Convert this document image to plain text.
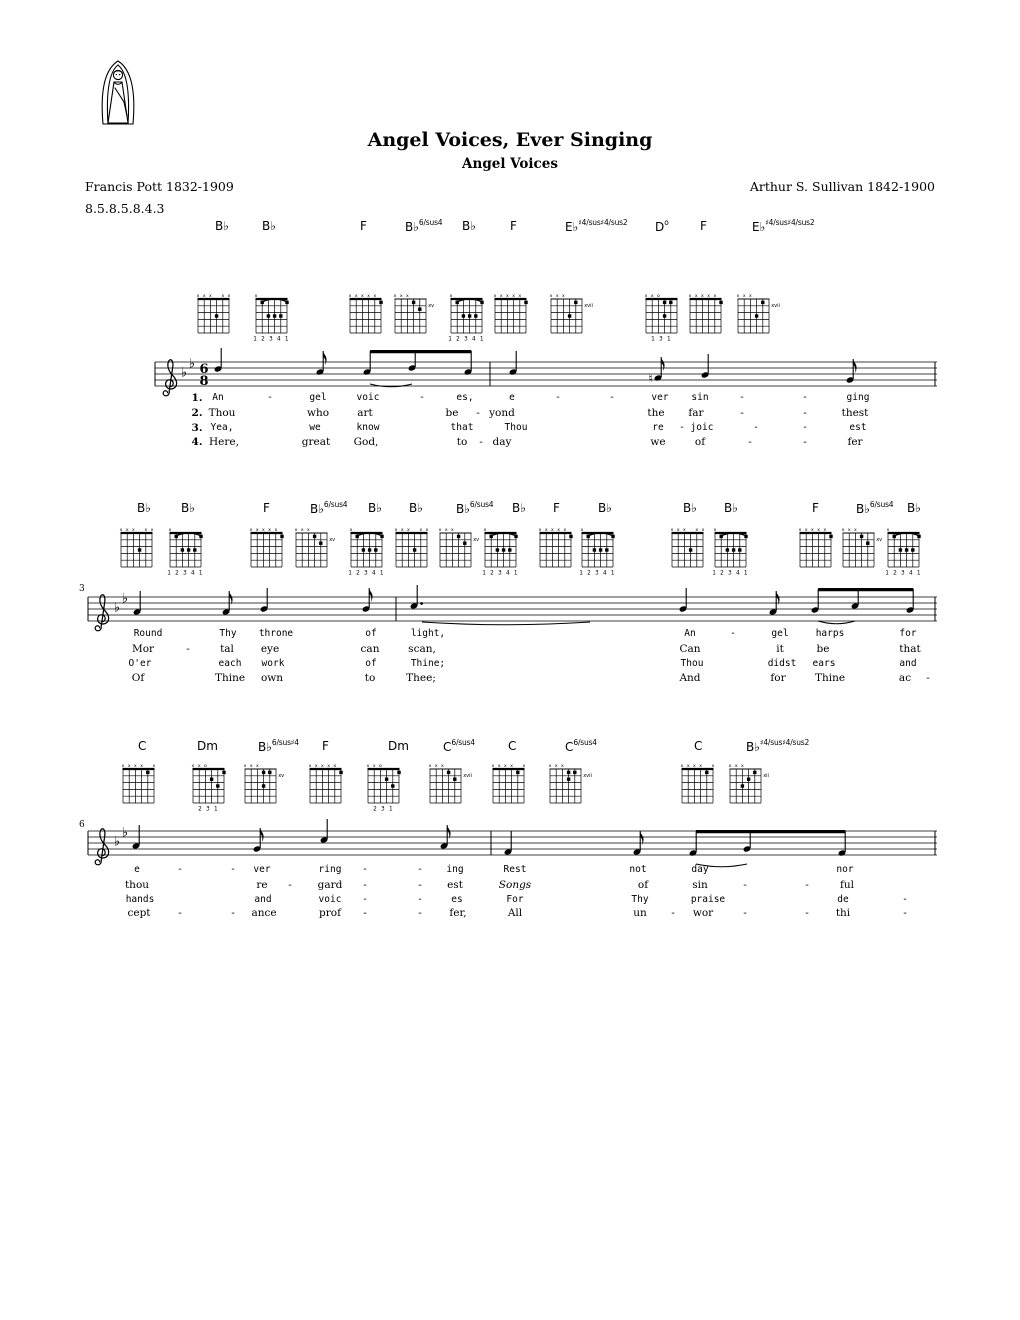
Angel Voices, Ever Singing
Angel Voices
Francis Pott 1832-1909
8.5.8.5.8.4.3
Arthur S. Sullivan 1842-1900
x x x x x	x
1 2 3 4 1
x x x x x	x x x
xv
x
1 2 3 4 1
x x x x x	x x x
xvii
x x o
1 3 1
x x x x x	x x x
xvii
x x x x x	x
1 2 3 4 1
x x x x x	x x x
xv
x
1 2 3 4 1
x x x x x x x x
xv
x
1 2 3 4 1
x x x x x	x
1 2 3 4 1
x x x x x x
1 2 3 4 1
x x x x x	x x x
xv
x
1 2 3 4 1
x x x x x	x x o
2 3 1
x x x
xv
x x x x x	x x o
2 3 1
x x x
xvii
x x x x x	x x x
xvii
x x x x x	x x x
xii
♭
♭ 6
8	♮
♭
♭
♭
♭
B♭	B♭	F	B♭$^{6/sus4}$ B♭	F	E♭$^{♯4/sus♯4/sus2}$ $D^o$	F	E♭$^{♯4/sus♯4/sus2}$
B♭	B♭	F	B♭$^{6/sus4}$ B♭ B♭	B♭$^{6/sus4}$ B♭ F	B♭	B♭ B♭	F	B♭$^{6/sus4}$ B♭
C	Dm	B♭$^{6/sus♯4}$ F	Dm	$C^{6/sus4}$	C	$C^{6/sus4}$	C	B♭$^{♯4/sus♯4/sus2}$
1. An	-	gel	voic	-	es,	e	-	-	ver sin	-	-	ging
2. Thou	who	art	be - yond	the far	-	-	thest
3. Yea,	we	know	that	Thou	re - joic	-	-	est
4. Here,	great God,	to - day	we	of	-	-	fer
3
Round	Thy throne	of	light,	An	-	gel	harps	for
Mor	-	tal	eye	can	scan,	Can	it	be	that
O'er	each work	of	Thine;	Thou	didst ears	and
Of	Thine own	to	Thee;	And	for	Thine	ac -
6
e	-	- ver	ring -	- ing	Rest	not	day	nor
thou	re - gard -	- est	Songs	of	sin	-	-	ful
hands	and	voic -	-	es	For	Thy	praise	de	-
cept	-	- ance	prof -	-	fer,	All	un - wor	-	-	thi	-
